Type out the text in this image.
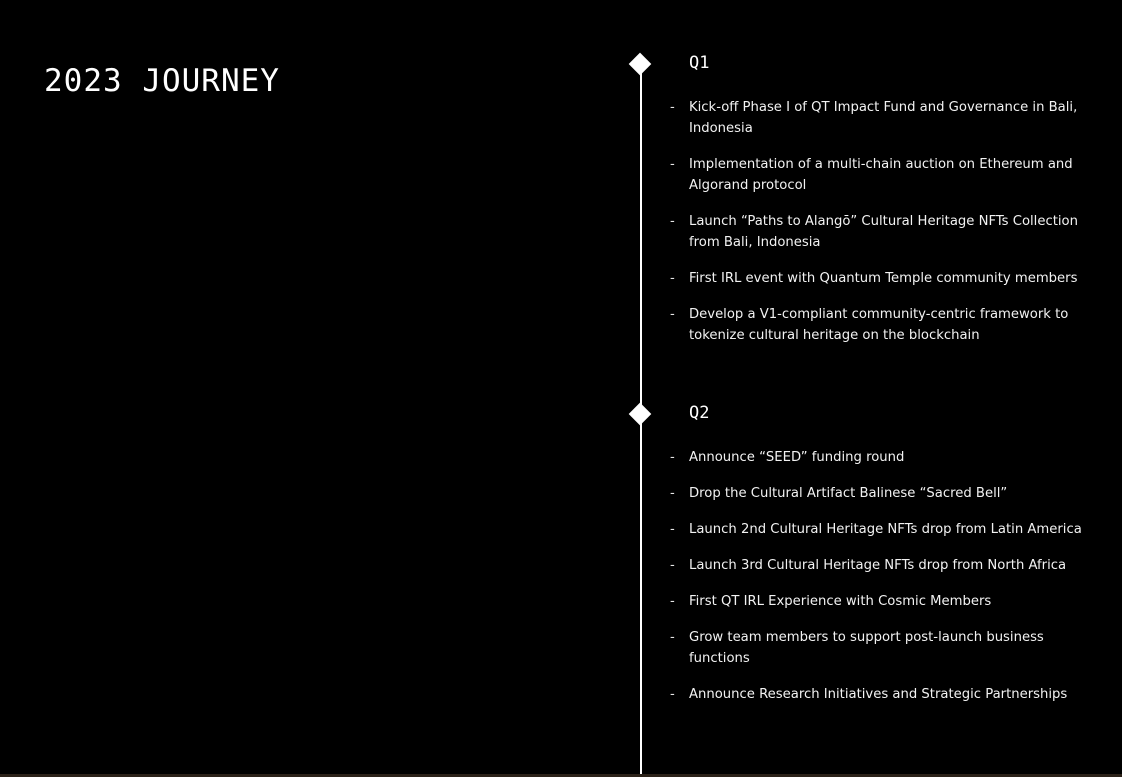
2023 JOURNEY	Q1
- Kick-off Phase I of QT Impact Fund and Governance in Bali, Indonesia
- Implementation of a multi-chain auction on Ethereum and Algorand protocol
- Launch “Paths to Alangō” Cultural Heritage NFTs Collection from Bali, Indonesia
- First IRL event with Quantum Temple community members
- Develop a V1-compliant community-centric framework to tokenize cultural heritage on the blockchain
Q2
- Announce “SEED” funding round
- Drop the Cultural Artifact Balinese “Sacred Bell”
- Launch 2nd Cultural Heritage NFTs drop from Latin America
- Launch 3rd Cultural Heritage NFTs drop from North Africa
- First QT IRL Experience with Cosmic Members
- Grow team members to support post-launch business functions
- Announce Research Initiatives and Strategic Partnerships
